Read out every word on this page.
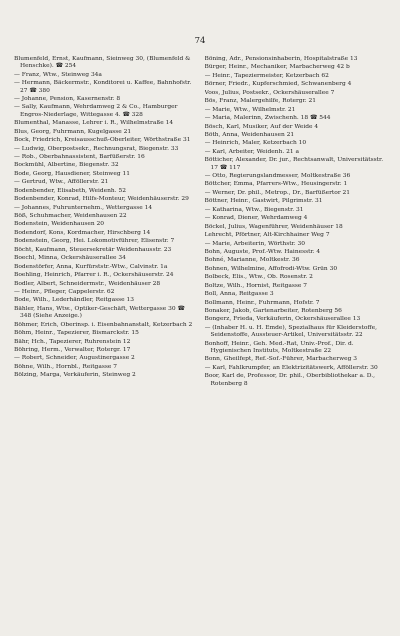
74

Blumenfeld, Ernst, Kaufmann, Sieinweg 30, (Blumenfeld & Henschke). ☎ 254

— Franz, Wtw., Steinweg 34a

— Hermann, Bäckermstr., Konditorei u. Kaffee, Bahnhofstr. 27 ☎ 380

— Johanne, Pension, Kasernenstr. 8

— Sally, Kaufmann, Wehrdamweg 2 & Co., Hamburger Engros-Niederlage, Wittegasse 4. ☎ 328

Blumenthal, Manasse, Lehrer i. R., Wilhelmstraße 14

Blus, Georg, Fuhrmann, Kugelgasse 21

Bock, Friedrich, Kreisausschuß-Oberleiter, Wörthstraße 31

— Ludwig, Oberpostsekr., Rechnungsrat, Biegenstr. 33

— Rob., Oberbahnassistent, Barfüßerstr. 16

Bockmühl, Albertine, Biegenstr. 32

Bode, Georg, Hausdiener, Steinweg 11

— Gertrud, Wtw., Afföllerstr. 21

Bodenbender, Elisabeth, Weidenh. 52

Bodenbender, Konrad, Hilfs-Monteur, Weidenhäuserstr. 29

— Johannes, Fuhrunternehm., Wettergasse 14

Böß, Schuhmacher, Weidenhausen 22

Bodenstein, Weidenhausen 20

Bodendorf, Kons, Kordmacher, Hirschberg 14

Bodenstein, Georg, Hei. Lokomotivführer, Elisenstr. 7

Böcht, Kaufmann, Steuersekretär Weidenhausstr. 23

Boechl, Minna, Ockershäuserallee 34

Bodenstörfer, Anna, Kurfürststr.-Wtw., Calvinstr. 1a

Boehling, Heinrich, Pfarrer i. R., Ockershäuserstr. 24

Bodler, Albert, Schneidermstr., Weidenhäuser 28

— Heinr., Pfleger, Cappelerstr. 62

Bode, Wilh., Lederhändler, Reitgasse 13

Bähler, Hans, Wtw., Optiker-Geschäft, Wettergasse 30 ☎ 348 (Siehe Anzeige.)

Böhmer, Erich, Oberinsp. i. Eisenbahnanstalt, Ketzerbach 2

Böhm, Heinr., Tapezierer, Bismarckstr. 15

Bähr, Hch., Tapezierer, Ruhrenstein 12

Böhring, Herm., Verwalter, Rotergr. 17

— Robert, Schneider, Augustinergasse 2

Böhne, Wilh., Hornbl., Reitgasse 7

Bölzing, Marga, Verkäuferin, Steinweg 2

Böning, Adr., Pensionsinhaberin, Hospitalstraße 13

Bürger, Heinr., Mechaniker, Marbacherweg 42 b

— Heinr., Tapeziermeister, Ketzerbach 62

Börner, Friedr., Kupferschmied, Schwanenberg 4

Voos, Julius, Postsekr., Ockershäuserallee 7

Bös, Franz, Malergehilfe, Rotergr. 21

— Marie, Wtw., Wilhelmstr. 21

— Maria, Malerinn, Zwischenh. 18 ☎ 544

Bösch, Karl, Musiker, Auf der Weide 4

Böth, Anna, Weidenhausen 21

— Heinrich, Maler, Ketzerbach 10

— Karl, Arbeiter, Weidenh. 21 a

Bötticher, Alexander, Dr. jur., Rechtsanwalt, Universitätsstr. 17 ☎ 117

— Otto, Regierungslandmesser, Moltkestraße 36

Böttcher, Emma, Pfarrers-Wtw., Heusingerstr. 1

— Werner, Dr. phil., Metrop., Dr., Barfüßertor 21

Böttner, Heinr., Gastwirt, Pilgrimstr. 31

— Katharina, Wtw., Biegenstr. 31

— Konrad, Diener, Wehrdamweg 4

Böckel, Julius, Wagenführer, Weidenhäuser 18

Lehrecht, Pförtner, Alt-Kirchhainer Weg 7

— Marie, Arbeiterin, Wörthstr. 30

Bohn, Auguste, Prof.-Wtw. Hainesstr. 4

Bohné, Marianne, Moltkestr. 36

Bohnen, Wilhelmine, Affofrodi-Wtw. Grün 30

Bolbeck, Elis., Wtw., Ob. Rosenstr. 2

Boltze, Wilh., Hornist, Reitgasse 7

Boll, Anna, Reitgasse 3

Bollmann, Heinr., Fuhrmann, Hofstr. 7

Bonaker, Jakob, Gartenarbeiter, Rotenberg 56

Bongerz, Frieda, Verkäuferin, Ockershäuserallee 13

— (Inhaber H. u. H. Emde), Spezialhaus für Kleiderstoffe, Seidenstoffe, Aussteuer-Artikel, Universitätsstr. 22

Bonhoff, Heinr., Geh. Med.-Rat, Univ.-Prof., Dir. d. Hygienischen Instituts, Moltkestraße 22

Bonn, Gheilfept, Ref.-Sof.-Führer, Marbacherweg 3

— Karl, Fahlkrumpfer, an Elektrizitätswerk, Afföllerstr. 30

Boor, Karl de, Professor, Dr. phil., Oberbibliothekar a. D., Rotenberg 8
